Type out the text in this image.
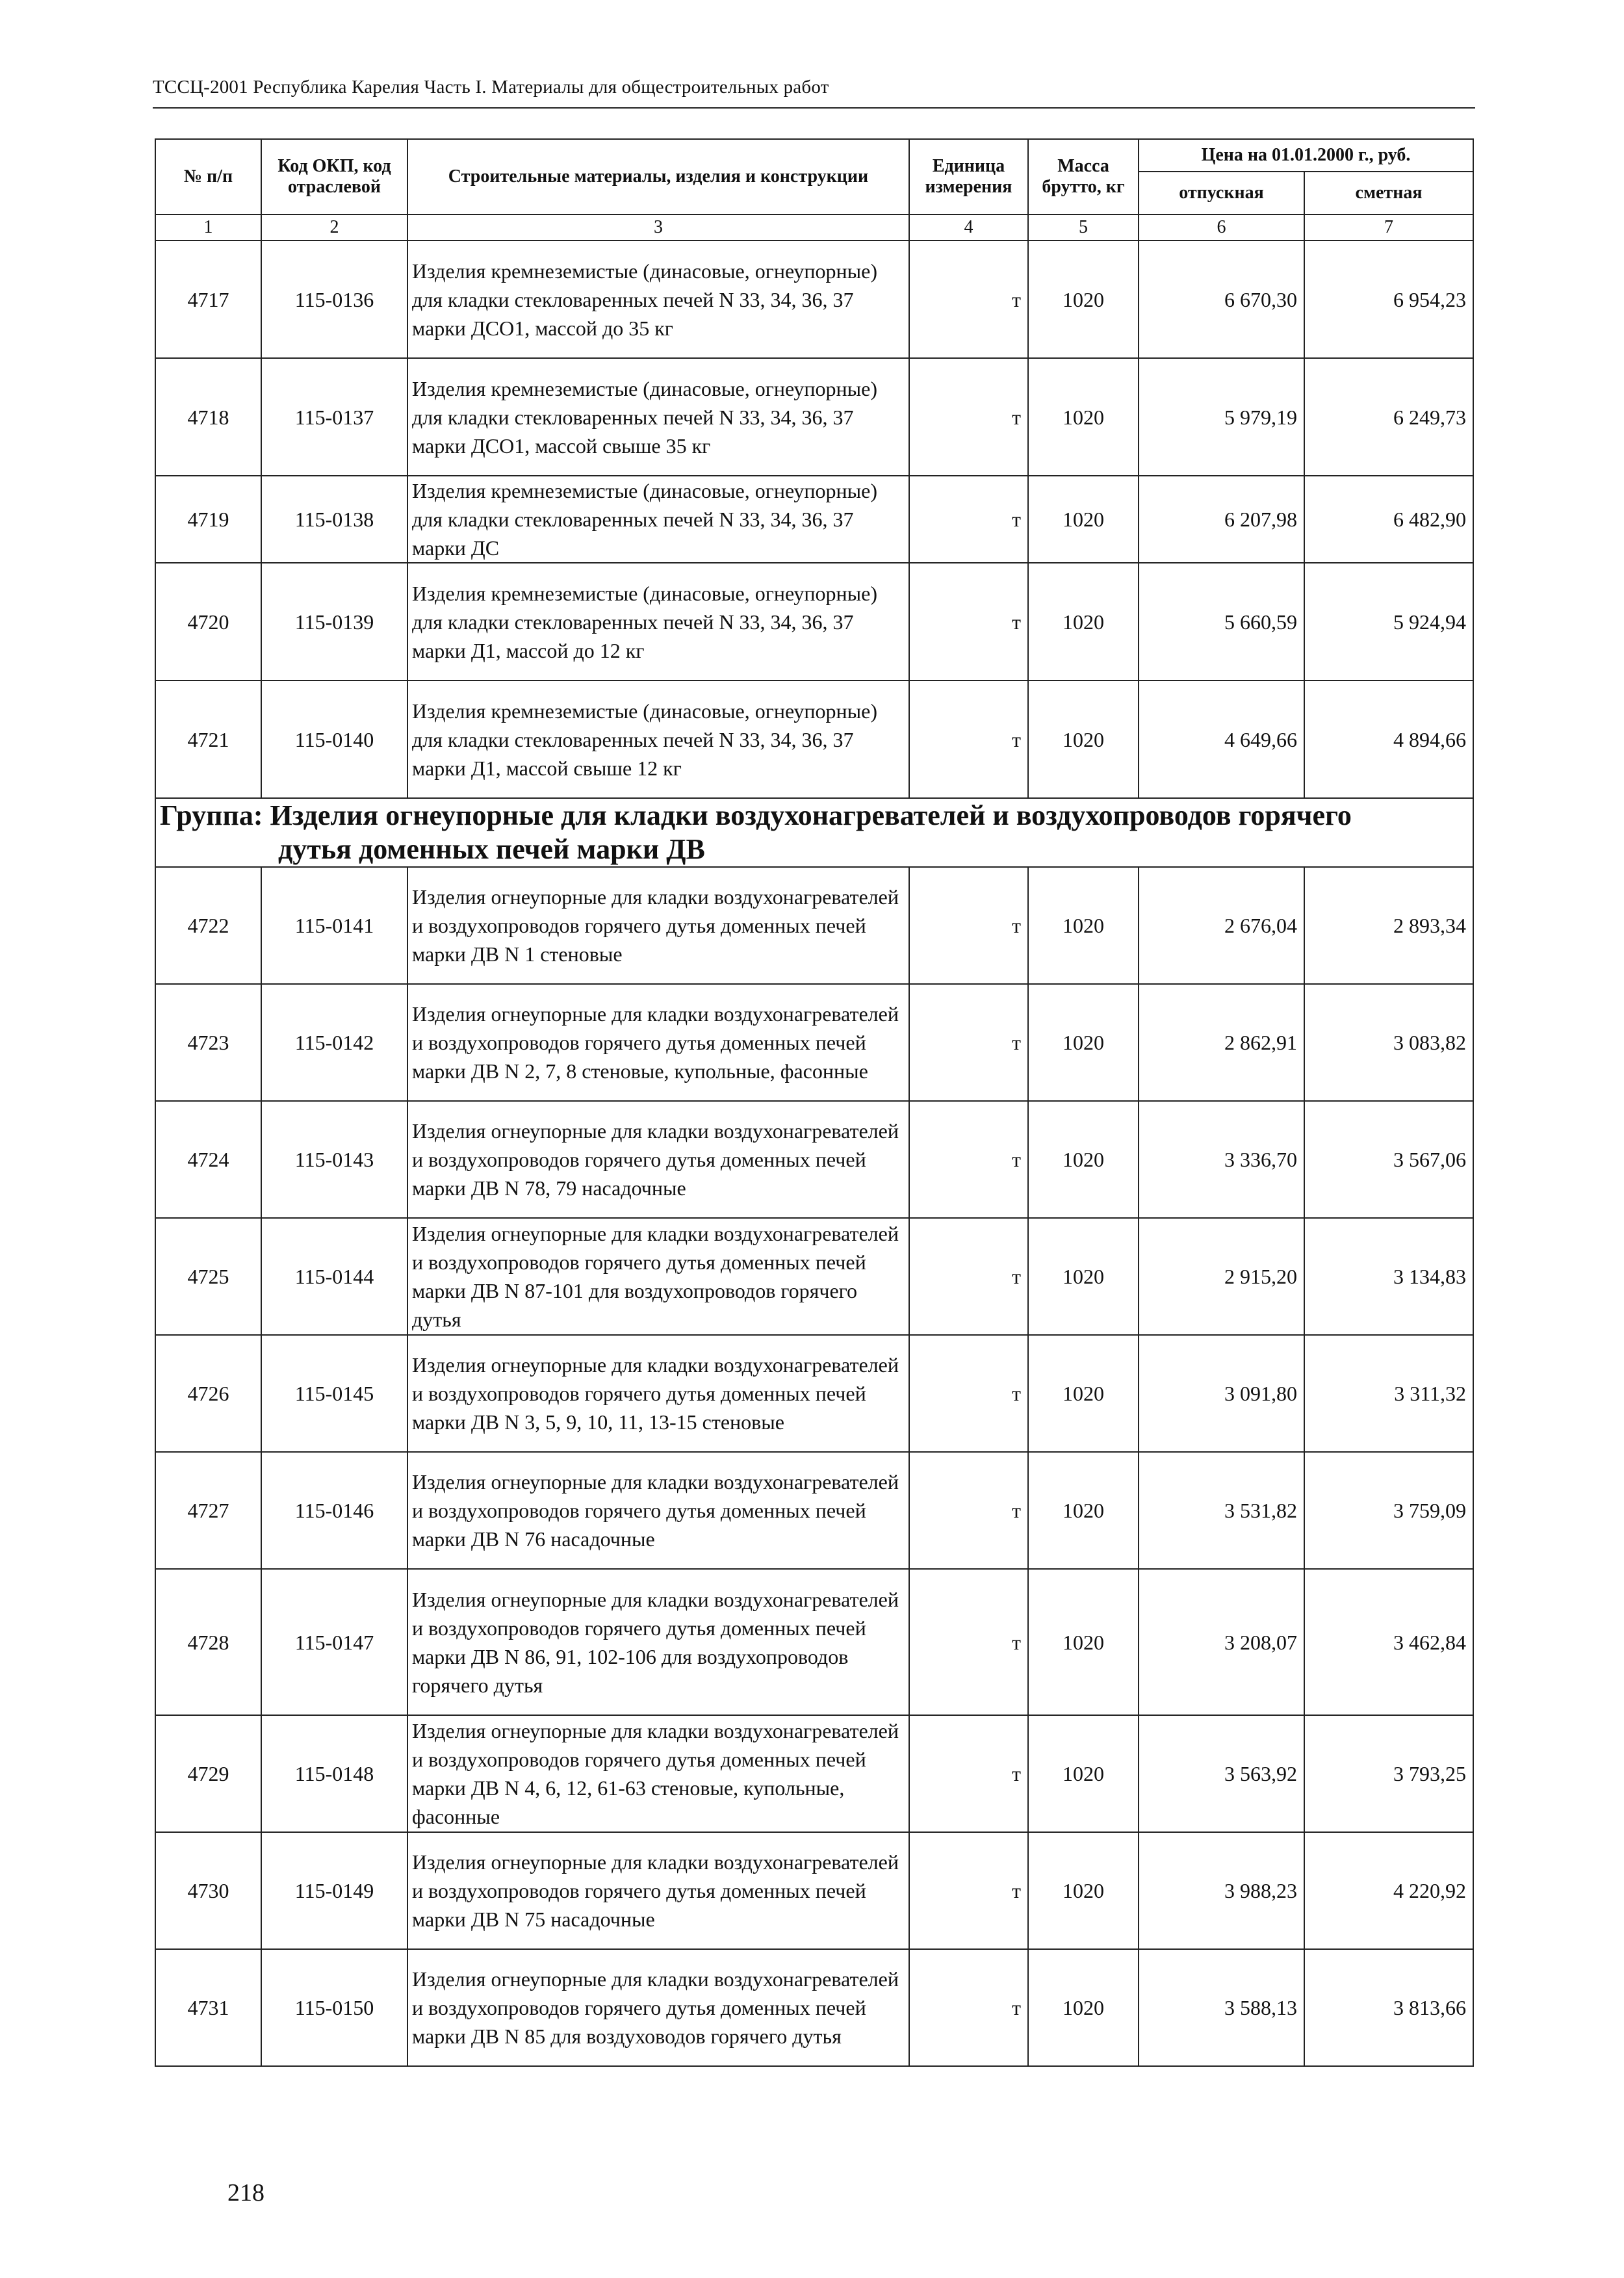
ТССЦ-2001 Республика Карелия Часть I. Материалы для общестроительных работ
№ п/п	Код ОКП, код отраслевой	Строительные материалы, изделия и конструкции	Единица измерения	Масса брутто, кг	Цена на 01.01.2000 г., руб.	
					отпускная	сметная
1	2	3	4	5	6	7
4717	115-0136	Изделия кремнеземистые (динасовые, огнеупорные) для кладки стекловаренных печей N 33, 34, 36, 37 марки ДСО1, массой до 35 кг	т	1020	6 670,30	6 954,23
4718	115-0137	Изделия кремнеземистые (динасовые, огнеупорные) для кладки стекловаренных печей N 33, 34, 36, 37 марки ДСО1, массой свыше 35 кг	т	1020	5 979,19	6 249,73
4719	115-0138	Изделия кремнеземистые (динасовые, огнеупорные) для кладки стекловаренных печей N 33, 34, 36, 37 марки ДС	т	1020	6 207,98	6 482,90
4720	115-0139	Изделия кремнеземистые (динасовые, огнеупорные) для кладки стекловаренных печей N 33, 34, 36, 37 марки Д1, массой до 12 кг	т	1020	5 660,59	5 924,94
4721	115-0140	Изделия кремнеземистые (динасовые, огнеупорные) для кладки стекловаренных печей N 33, 34, 36, 37 марки Д1, массой свыше 12 кг	т	1020	4 649,66	4 894,66
Группа: Изделия огнеупорные для кладки воздухонагревателей и воздухопроводов горячего
дутья доменных печей марки ДВ						

4722	115-0141	Изделия огнеупорные для кладки воздухонагревателей и воздухопроводов горячего дутья доменных печей марки ДВ N 1 стеновые	т	1020	2 676,04	2 893,34
4723	115-0142	Изделия огнеупорные для кладки воздухонагревателей и воздухопроводов горячего дутья доменных печей марки ДВ N 2, 7, 8 стеновые, купольные, фасонные	т	1020	2 862,91	3 083,82
4724	115-0143	Изделия огнеупорные для кладки воздухонагревателей и воздухопроводов горячего дутья доменных печей марки ДВ N 78, 79 насадочные	т	1020	3 336,70	3 567,06
4725	115-0144	Изделия огнеупорные для кладки воздухонагревателей и воздухопроводов горячего дутья доменных печей марки ДВ N 87-101 для воздухопроводов горячего дутья	т	1020	2 915,20	3 134,83
4726	115-0145	Изделия огнеупорные для кладки воздухонагревателей и воздухопроводов горячего дутья доменных печей марки ДВ N 3, 5, 9, 10, 11, 13-15 стеновые	т	1020	3 091,80	3 311,32
4727	115-0146	Изделия огнеупорные для кладки воздухонагревателей и воздухопроводов горячего дутья доменных печей марки ДВ N 76 насадочные	т	1020	3 531,82	3 759,09
4728	115-0147	Изделия огнеупорные для кладки воздухонагревателей и воздухопроводов горячего дутья доменных печей марки ДВ N 86, 91, 102-106 для воздухопроводов горячего дутья	т	1020	3 208,07	3 462,84
4729	115-0148	Изделия огнеупорные для кладки воздухонагревателей и воздухопроводов горячего дутья доменных печей марки ДВ N 4, 6, 12, 61-63 стеновые, купольные, фасонные	т	1020	3 563,92	3 793,25
4730	115-0149	Изделия огнеупорные для кладки воздухонагревателей и воздухопроводов горячего дутья доменных печей марки ДВ N 75 насадочные	т	1020	3 988,23	4 220,92
4731	115-0150	Изделия огнеупорные для кладки воздухонагревателей и воздухопроводов горячего дутья доменных печей марки ДВ N 85 для воздуховодов горячего дутья	т	1020	3 588,13	3 813,66
218
